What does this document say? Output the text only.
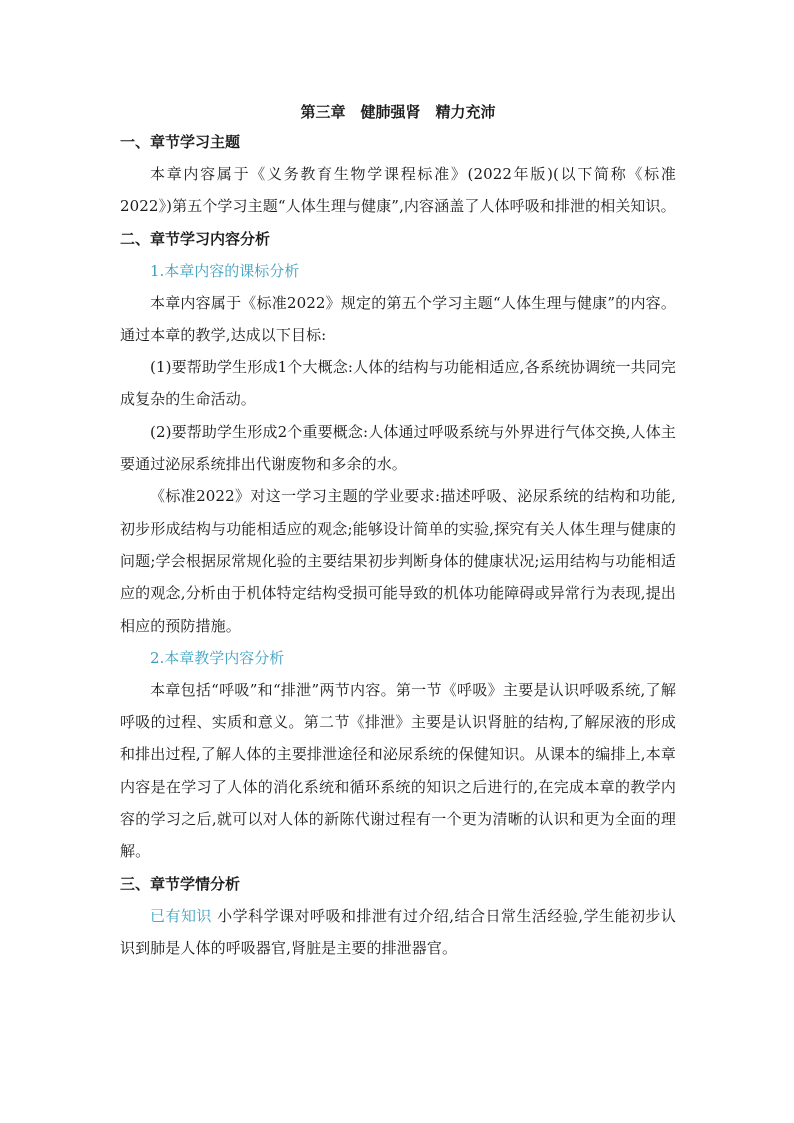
第三章　健肺强肾　精力充沛

一、章节学习主题

本章内容属于《义务教育生物学课程标准》(2022年版)(以下简称《标准2022》)第五个学习主题“人体生理与健康”,内容涵盖了人体呼吸和排泄的相关知识。

二、章节学习内容分析

1.本章内容的课标分析

本章内容属于《标准2022》规定的第五个学习主题“人体生理与健康”的内容。通过本章的教学,达成以下目标:

(1)要帮助学生形成1个大概念:人体的结构与功能相适应,各系统协调统一共同完成复杂的生命活动。

(2)要帮助学生形成2个重要概念:人体通过呼吸系统与外界进行气体交换,人体主要通过泌尿系统排出代谢废物和多余的水。

《标准2022》对这一学习主题的学业要求:描述呼吸、泌尿系统的结构和功能,初步形成结构与功能相适应的观念;能够设计简单的实验,探究有关人体生理与健康的问题;学会根据尿常规化验的主要结果初步判断身体的健康状况;运用结构与功能相适应的观念,分析由于机体特定结构受损可能导致的机体功能障碍或异常行为表现,提出相应的预防措施。

2.本章教学内容分析

本章包括“呼吸”和“排泄”两节内容。第一节《呼吸》主要是认识呼吸系统,了解呼吸的过程、实质和意义。第二节《排泄》主要是认识肾脏的结构,了解尿液的形成和排出过程,了解人体的主要排泄途径和泌尿系统的保健知识。从课本的编排上,本章内容是在学习了人体的消化系统和循环系统的知识之后进行的,在完成本章的教学内容的学习之后,就可以对人体的新陈代谢过程有一个更为清晰的认识和更为全面的理解。

三、章节学情分析

已有知识 小学科学课对呼吸和排泄有过介绍,结合日常生活经验,学生能初步认识到肺是人体的呼吸器官,肾脏是主要的排泄器官。
